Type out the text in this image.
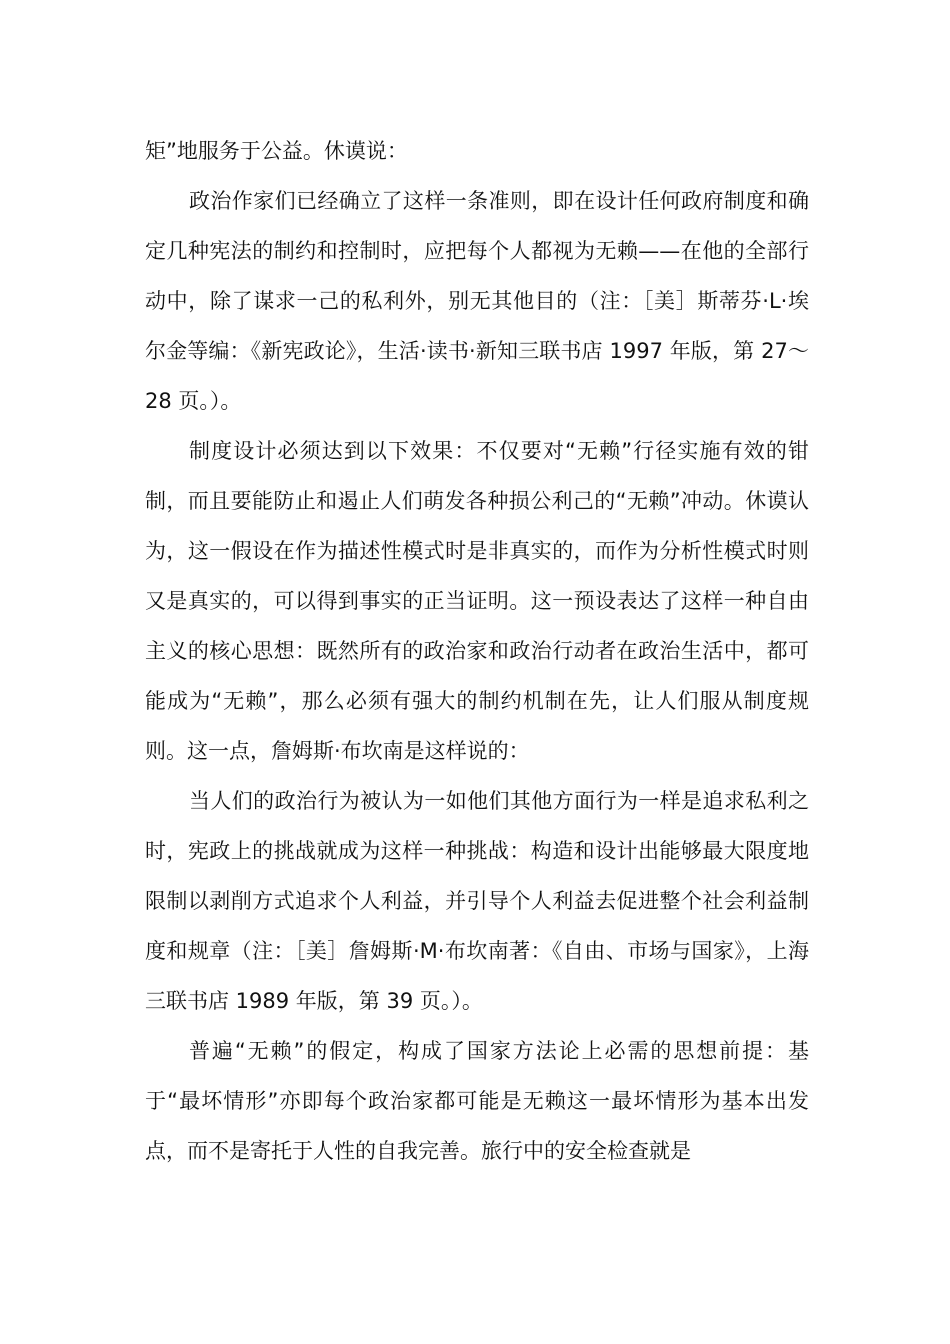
矩”地服务于公益。休谟说：

政治作家们已经确立了这样一条准则，即在设计任何政府制度和确定几种宪法的制约和控制时，应把每个人都视为无赖——在他的全部行动中，除了谋求一己的私利外，别无其他目的（注：［美］斯蒂芬·L·埃尔金等编：《新宪政论》，生活·读书·新知三联书店 1997 年版，第 27～28 页。）。

制度设计必须达到以下效果：不仅要对“无赖”行径实施有效的钳制，而且要能防止和遏止人们萌发各种损公利己的“无赖”冲动。休谟认为，这一假设在作为描述性模式时是非真实的，而作为分析性模式时则又是真实的，可以得到事实的正当证明。这一预设表达了这样一种自由主义的核心思想：既然所有的政治家和政治行动者在政治生活中，都可能成为“无赖”，那么必须有强大的制约机制在先，让人们服从制度规则。这一点，詹姆斯·布坎南是这样说的：

当人们的政治行为被认为一如他们其他方面行为一样是追求私利之时，宪政上的挑战就成为这样一种挑战：构造和设计出能够最大限度地限制以剥削方式追求个人利益，并引导个人利益去促进整个社会利益制度和规章（注：［美］詹姆斯·M·布坎南著：《自由、市场与国家》，上海三联书店 1989 年版，第 39 页。）。

普遍“无赖”的假定，构成了国家方法论上必需的思想前提：基于“最坏情形”亦即每个政治家都可能是无赖这一最坏情形为基本出发点，而不是寄托于人性的自我完善。旅行中的安全检查就是
